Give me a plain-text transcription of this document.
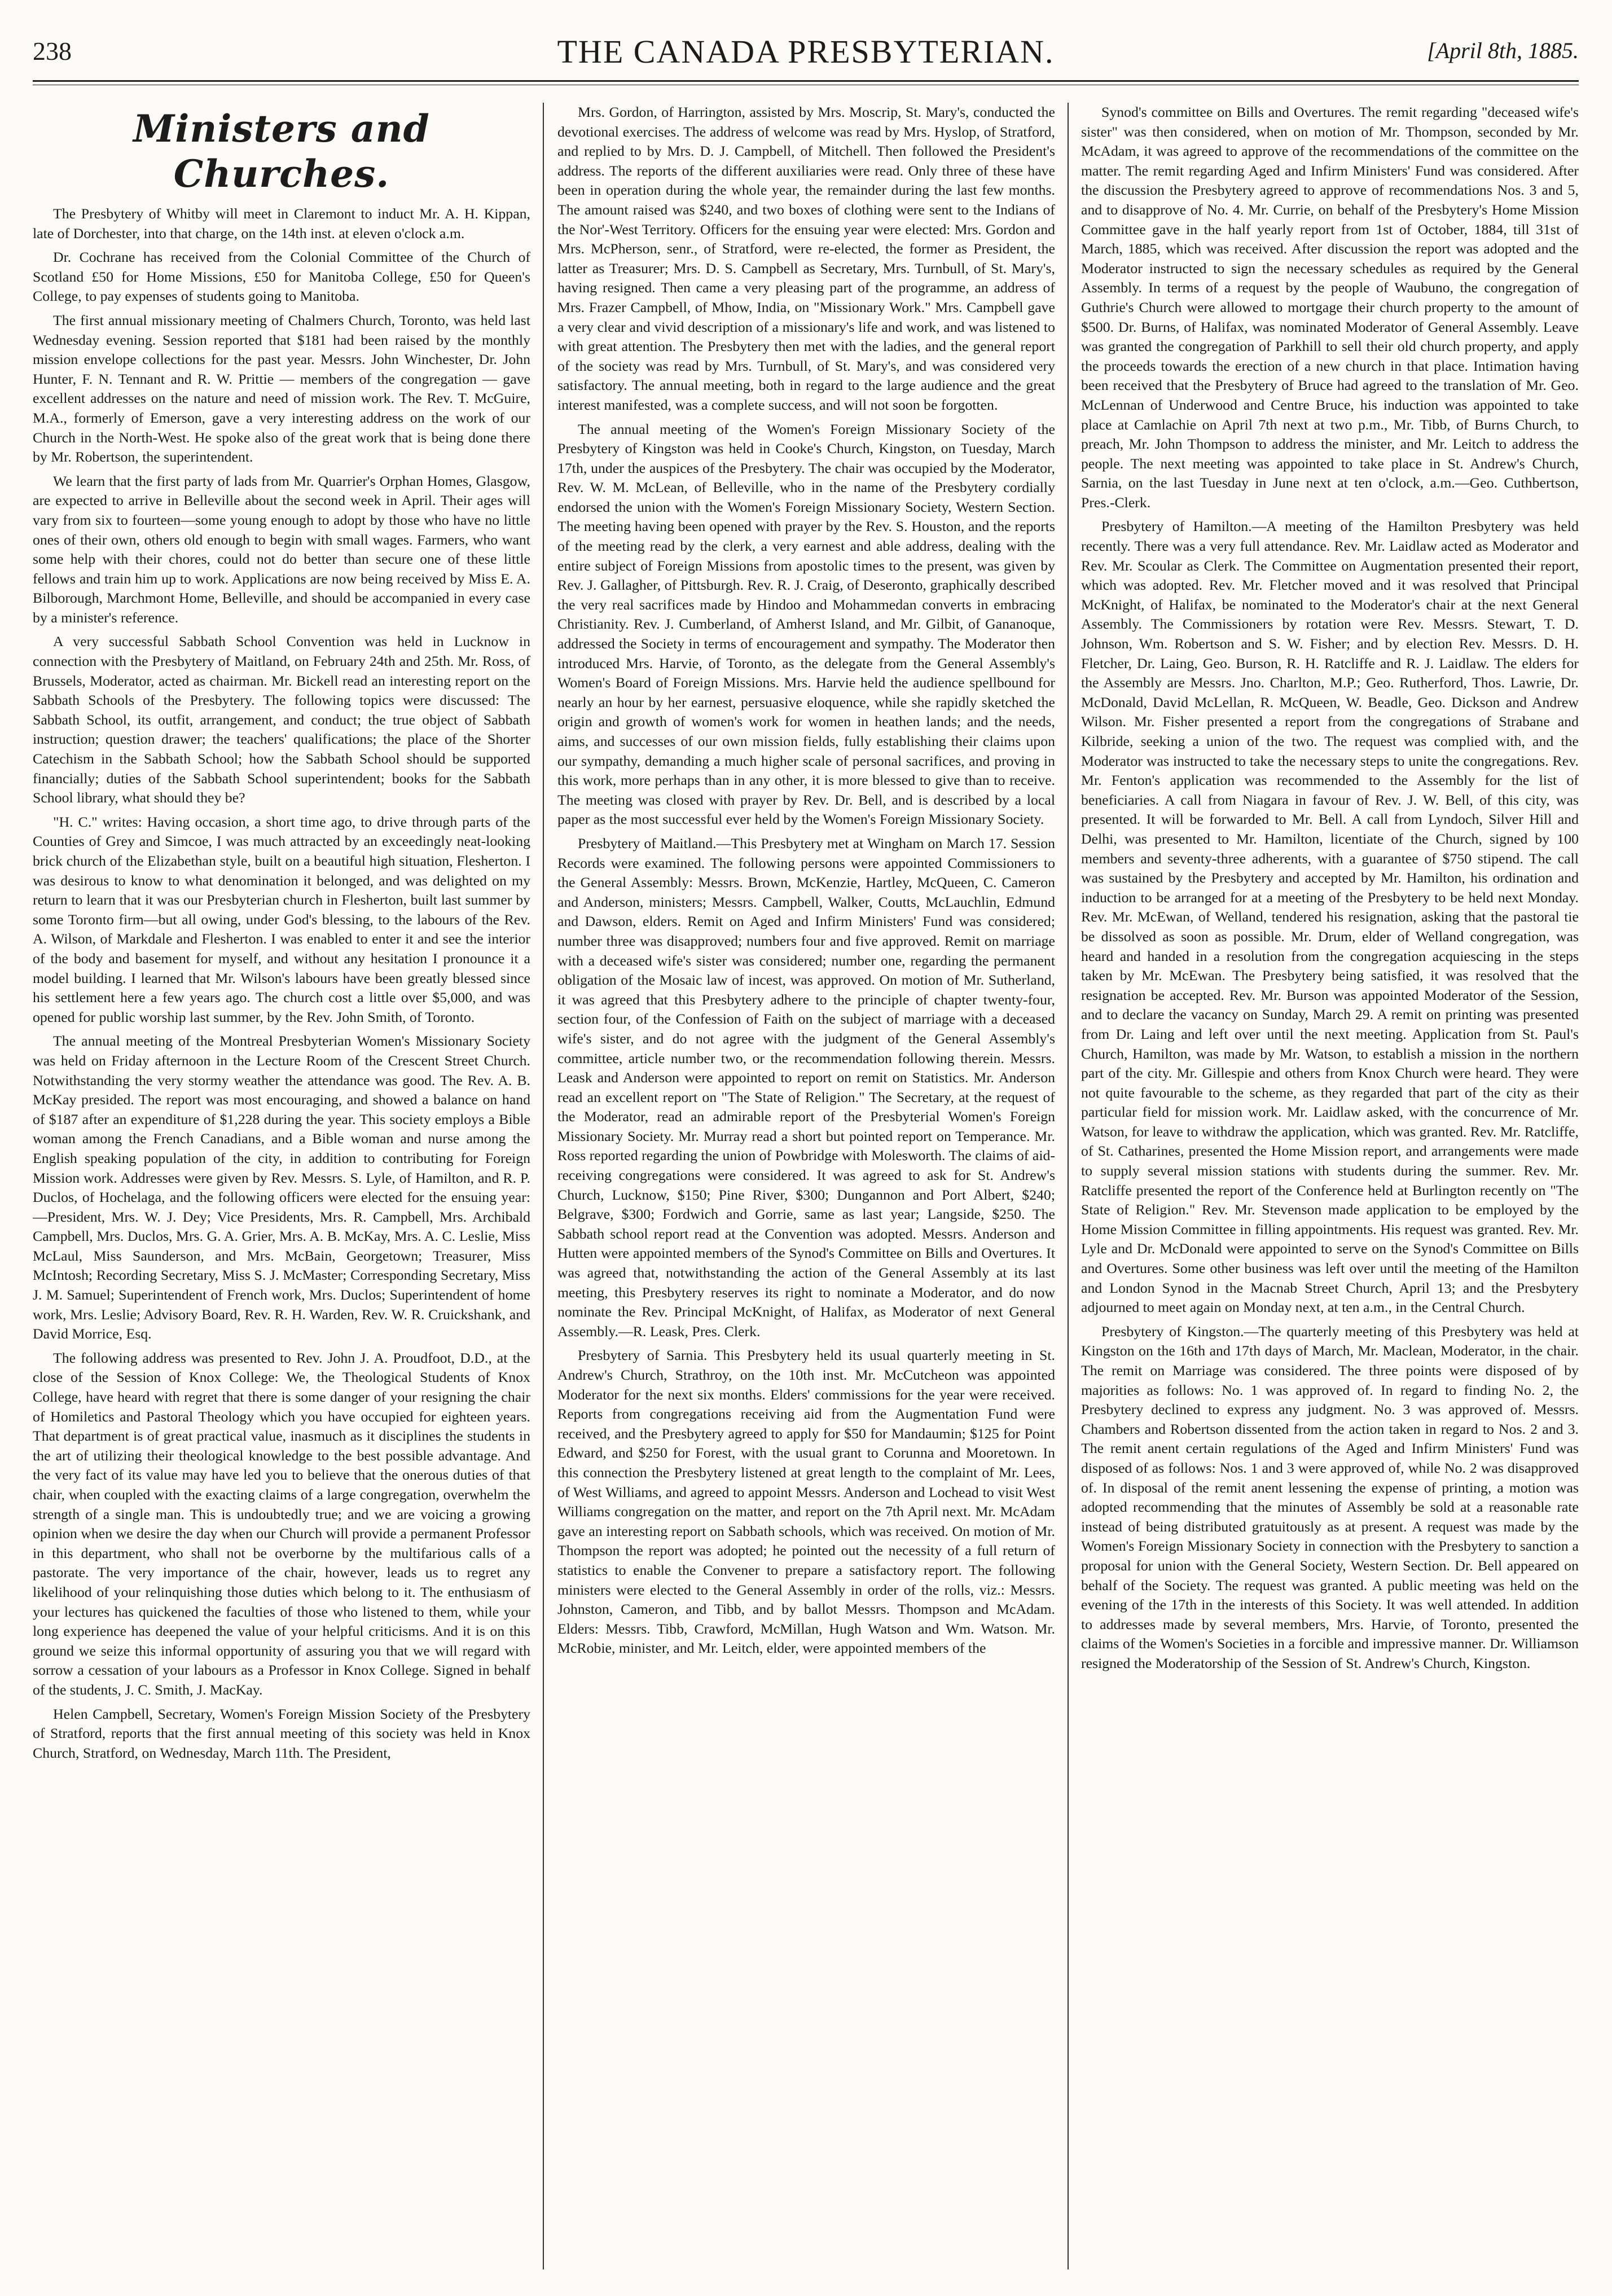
238	THE CANADA PRESBYTERIAN.	[April 8th, 1885.
Ministers and Churches.

The Presbytery of Whitby will meet in Claremont to induct Mr. A. H. Kippan, late of Dorchester, into that charge, on the 14th inst. at eleven o'clock a.m.

Dr. Cochrane has received from the Colonial Committee of the Church of Scotland £50 for Home Missions, £50 for Manitoba College, £50 for Queen's College, to pay expenses of students going to Manitoba.

The first annual missionary meeting of Chalmers Church, Toronto, was held last Wednesday evening. Session reported that $181 had been raised by the monthly mission envelope collections for the past year. Messrs. John Winchester, Dr. John Hunter, F. N. Tennant and R. W. Prittie — members of the congregation — gave excellent addresses on the nature and need of mission work. The Rev. T. McGuire, M.A., formerly of Emerson, gave a very interesting address on the work of our Church in the North-West. He spoke also of the great work that is being done there by Mr. Robertson, the superintendent.

We learn that the first party of lads from Mr. Quarrier's Orphan Homes, Glasgow, are expected to arrive in Belleville about the second week in April. Their ages will vary from six to fourteen—some young enough to adopt by those who have no little ones of their own, others old enough to begin with small wages. Farmers, who want some help with their chores, could not do better than secure one of these little fellows and train him up to work. Applications are now being received by Miss E. A. Bilborough, Marchmont Home, Belleville, and should be accompanied in every case by a minister's reference.

A very successful Sabbath School Convention was held in Lucknow in connection with the Presbytery of Maitland, on February 24th and 25th. Mr. Ross, of Brussels, Moderator, acted as chairman. Mr. Bickell read an interesting report on the Sabbath Schools of the Presbytery. The following topics were discussed: The Sabbath School, its outfit, arrangement, and conduct; the true object of Sabbath instruction; question drawer; the teachers' qualifications; the place of the Shorter Catechism in the Sabbath School; how the Sabbath School should be supported financially; duties of the Sabbath School superintendent; books for the Sabbath School library, what should they be?

"H. C." writes: Having occasion, a short time ago, to drive through parts of the Counties of Grey and Simcoe, I was much attracted by an exceedingly neat-looking brick church of the Elizabethan style, built on a beautiful high situation, Flesherton. I was desirous to know to what denomination it belonged, and was delighted on my return to learn that it was our Presbyterian church in Flesherton, built last summer by some Toronto firm—but all owing, under God's blessing, to the labours of the Rev. A. Wilson, of Markdale and Flesherton. I was enabled to enter it and see the interior of the body and basement for myself, and without any hesitation I pronounce it a model building. I learned that Mr. Wilson's labours have been greatly blessed since his settlement here a few years ago. The church cost a little over $5,000, and was opened for public worship last summer, by the Rev. John Smith, of Toronto.

The annual meeting of the Montreal Presbyterian Women's Missionary Society was held on Friday afternoon in the Lecture Room of the Crescent Street Church. Notwithstanding the very stormy weather the attendance was good. The Rev. A. B. McKay presided. The report was most encouraging, and showed a balance on hand of $187 after an expenditure of $1,228 during the year. This society employs a Bible woman among the French Canadians, and a Bible woman and nurse among the English speaking population of the city, in addition to contributing for Foreign Mission work. Addresses were given by Rev. Messrs. S. Lyle, of Hamilton, and R. P. Duclos, of Hochelaga, and the following officers were elected for the ensuing year:—President, Mrs. W. J. Dey; Vice Presidents, Mrs. R. Campbell, Mrs. Archibald Campbell, Mrs. Duclos, Mrs. G. A. Grier, Mrs. A. B. McKay, Mrs. A. C. Leslie, Miss McLaul, Miss Saunderson, and Mrs. McBain, Georgetown; Treasurer, Miss McIntosh; Recording Secretary, Miss S. J. McMaster; Corresponding Secretary, Miss J. M. Samuel; Superintendent of French work, Mrs. Duclos; Superintendent of home work, Mrs. Leslie; Advisory Board, Rev. R. H. Warden, Rev. W. R. Cruickshank, and David Morrice, Esq.

The following address was presented to Rev. John J. A. Proudfoot, D.D., at the close of the Session of Knox College: We, the Theological Students of Knox College, have heard with regret that there is some danger of your resigning the chair of Homiletics and Pastoral Theology which you have occupied for eighteen years. That department is of great practical value, inasmuch as it disciplines the students in the art of utilizing their theological knowledge to the best possible advantage. And the very fact of its value may have led you to believe that the onerous duties of that chair, when coupled with the exacting claims of a large congregation, overwhelm the strength of a single man. This is undoubtedly true; and we are voicing a growing opinion when we desire the day when our Church will provide a permanent Professor in this department, who shall not be overborne by the multifarious calls of a pastorate. The very importance of the chair, however, leads us to regret any likelihood of your relinquishing those duties which belong to it. The enthusiasm of your lectures has quickened the faculties of those who listened to them, while your long experience has deepened the value of your helpful criticisms. And it is on this ground we seize this informal opportunity of assuring you that we will regard with sorrow a cessation of your labours as a Professor in Knox College. Signed in behalf of the students, J. C. Smith, J. MacKay.

Helen Campbell, Secretary, Women's Foreign Mission Society of the Presbytery of Stratford, reports that the first annual meeting of this society was held in Knox Church, Stratford, on Wednesday, March 11th. The President,

Mrs. Gordon, of Harrington, assisted by Mrs. Moscrip, St. Mary's, conducted the devotional exercises. The address of welcome was read by Mrs. Hyslop, of Stratford, and replied to by Mrs. D. J. Campbell, of Mitchell. Then followed the President's address. The reports of the different auxiliaries were read. Only three of these have been in operation during the whole year, the remainder during the last few months. The amount raised was $240, and two boxes of clothing were sent to the Indians of the Nor'-West Territory. Officers for the ensuing year were elected: Mrs. Gordon and Mrs. McPherson, senr., of Stratford, were re-elected, the former as President, the latter as Treasurer; Mrs. D. S. Campbell as Secretary, Mrs. Turnbull, of St. Mary's, having resigned. Then came a very pleasing part of the programme, an address of Mrs. Frazer Campbell, of Mhow, India, on "Missionary Work." Mrs. Campbell gave a very clear and vivid description of a missionary's life and work, and was listened to with great attention. The Presbytery then met with the ladies, and the general report of the society was read by Mrs. Turnbull, of St. Mary's, and was considered very satisfactory. The annual meeting, both in regard to the large audience and the great interest manifested, was a complete success, and will not soon be forgotten.

The annual meeting of the Women's Foreign Missionary Society of the Presbytery of Kingston was held in Cooke's Church, Kingston, on Tuesday, March 17th, under the auspices of the Presbytery. The chair was occupied by the Moderator, Rev. W. M. McLean, of Belleville, who in the name of the Presbytery cordially endorsed the union with the Women's Foreign Missionary Society, Western Section. The meeting having been opened with prayer by the Rev. S. Houston, and the reports of the meeting read by the clerk, a very earnest and able address, dealing with the entire subject of Foreign Missions from apostolic times to the present, was given by Rev. J. Gallagher, of Pittsburgh. Rev. R. J. Craig, of Deseronto, graphically described the very real sacrifices made by Hindoo and Mohammedan converts in embracing Christianity. Rev. J. Cumberland, of Amherst Island, and Mr. Gilbit, of Gananoque, addressed the Society in terms of encouragement and sympathy. The Moderator then introduced Mrs. Harvie, of Toronto, as the delegate from the General Assembly's Women's Board of Foreign Missions. Mrs. Harvie held the audience spellbound for nearly an hour by her earnest, persuasive eloquence, while she rapidly sketched the origin and growth of women's work for women in heathen lands; and the needs, aims, and successes of our own mission fields, fully establishing their claims upon our sympathy, demanding a much higher scale of personal sacrifices, and proving in this work, more perhaps than in any other, it is more blessed to give than to receive. The meeting was closed with prayer by Rev. Dr. Bell, and is described by a local paper as the most successful ever held by the Women's Foreign Missionary Society.

Presbytery of Maitland.—This Presbytery met at Wingham on March 17. Session Records were examined. The following persons were appointed Commissioners to the General Assembly: Messrs. Brown, McKenzie, Hartley, McQueen, C. Cameron and Anderson, ministers; Messrs. Campbell, Walker, Coutts, McLauchlin, Edmund and Dawson, elders. Remit on Aged and Infirm Ministers' Fund was considered; number three was disapproved; numbers four and five approved. Remit on marriage with a deceased wife's sister was considered; number one, regarding the permanent obligation of the Mosaic law of incest, was approved. On motion of Mr. Sutherland, it was agreed that this Presbytery adhere to the principle of chapter twenty-four, section four, of the Confession of Faith on the subject of marriage with a deceased wife's sister, and do not agree with the judgment of the General Assembly's committee, article number two, or the recommendation following therein. Messrs. Leask and Anderson were appointed to report on remit on Statistics. Mr. Anderson read an excellent report on "The State of Religion." The Secretary, at the request of the Moderator, read an admirable report of the Presbyterial Women's Foreign Missionary Society. Mr. Murray read a short but pointed report on Temperance. Mr. Ross reported regarding the union of Powbridge with Molesworth. The claims of aid-receiving congregations were considered. It was agreed to ask for St. Andrew's Church, Lucknow, $150; Pine River, $300; Dungannon and Port Albert, $240; Belgrave, $300; Fordwich and Gorrie, same as last year; Langside, $250. The Sabbath school report read at the Convention was adopted. Messrs. Anderson and Hutten were appointed members of the Synod's Committee on Bills and Overtures. It was agreed that, notwithstanding the action of the General Assembly at its last meeting, this Presbytery reserves its right to nominate a Moderator, and do now nominate the Rev. Principal McKnight, of Halifax, as Moderator of next General Assembly.—R. Leask, Pres. Clerk.

Presbytery of Sarnia. This Presbytery held its usual quarterly meeting in St. Andrew's Church, Strathroy, on the 10th inst. Mr. McCutcheon was appointed Moderator for the next six months. Elders' commissions for the year were received. Reports from congregations receiving aid from the Augmentation Fund were received, and the Presbytery agreed to apply for $50 for Mandaumin; $125 for Point Edward, and $250 for Forest, with the usual grant to Corunna and Mooretown. In this connection the Presbytery listened at great length to the complaint of Mr. Lees, of West Williams, and agreed to appoint Messrs. Anderson and Lochead to visit West Williams congregation on the matter, and report on the 7th April next. Mr. McAdam gave an interesting report on Sabbath schools, which was received. On motion of Mr. Thompson the report was adopted; he pointed out the necessity of a full return of statistics to enable the Convener to prepare a satisfactory report. The following ministers were elected to the General Assembly in order of the rolls, viz.: Messrs. Johnston, Cameron, and Tibb, and by ballot Messrs. Thompson and McAdam. Elders: Messrs. Tibb, Crawford, McMillan, Hugh Watson and Wm. Watson. Mr. McRobie, minister, and Mr. Leitch, elder, were appointed members of the

Synod's committee on Bills and Overtures. The remit regarding "deceased wife's sister" was then considered, when on motion of Mr. Thompson, seconded by Mr. McAdam, it was agreed to approve of the recommendations of the committee on the matter. The remit regarding Aged and Infirm Ministers' Fund was considered. After the discussion the Presbytery agreed to approve of recommendations Nos. 3 and 5, and to disapprove of No. 4. Mr. Currie, on behalf of the Presbytery's Home Mission Committee gave in the half yearly report from 1st of October, 1884, till 31st of March, 1885, which was received. After discussion the report was adopted and the Moderator instructed to sign the necessary schedules as required by the General Assembly. In terms of a request by the people of Waubuno, the congregation of Guthrie's Church were allowed to mortgage their church property to the amount of $500. Dr. Burns, of Halifax, was nominated Moderator of General Assembly. Leave was granted the congregation of Parkhill to sell their old church property, and apply the proceeds towards the erection of a new church in that place. Intimation having been received that the Presbytery of Bruce had agreed to the translation of Mr. Geo. McLennan of Underwood and Centre Bruce, his induction was appointed to take place at Camlachie on April 7th next at two p.m., Mr. Tibb, of Burns Church, to preach, Mr. John Thompson to address the minister, and Mr. Leitch to address the people. The next meeting was appointed to take place in St. Andrew's Church, Sarnia, on the last Tuesday in June next at ten o'clock, a.m.—Geo. Cuthbertson, Pres.-Clerk.

Presbytery of Hamilton.—A meeting of the Hamilton Presbytery was held recently. There was a very full attendance. Rev. Mr. Laidlaw acted as Moderator and Rev. Mr. Scoular as Clerk. The Committee on Augmentation presented their report, which was adopted. Rev. Mr. Fletcher moved and it was resolved that Principal McKnight, of Halifax, be nominated to the Moderator's chair at the next General Assembly. The Commissioners by rotation were Rev. Messrs. Stewart, T. D. Johnson, Wm. Robertson and S. W. Fisher; and by election Rev. Messrs. D. H. Fletcher, Dr. Laing, Geo. Burson, R. H. Ratcliffe and R. J. Laidlaw. The elders for the Assembly are Messrs. Jno. Charlton, M.P.; Geo. Rutherford, Thos. Lawrie, Dr. McDonald, David McLellan, R. McQueen, W. Beadle, Geo. Dickson and Andrew Wilson. Mr. Fisher presented a report from the congregations of Strabane and Kilbride, seeking a union of the two. The request was complied with, and the Moderator was instructed to take the necessary steps to unite the congregations. Rev. Mr. Fenton's application was recommended to the Assembly for the list of beneficiaries. A call from Niagara in favour of Rev. J. W. Bell, of this city, was presented. It will be forwarded to Mr. Bell. A call from Lyndoch, Silver Hill and Delhi, was presented to Mr. Hamilton, licentiate of the Church, signed by 100 members and seventy-three adherents, with a guarantee of $750 stipend. The call was sustained by the Presbytery and accepted by Mr. Hamilton, his ordination and induction to be arranged for at a meeting of the Presbytery to be held next Monday. Rev. Mr. McEwan, of Welland, tendered his resignation, asking that the pastoral tie be dissolved as soon as possible. Mr. Drum, elder of Welland congregation, was heard and handed in a resolution from the congregation acquiescing in the steps taken by Mr. McEwan. The Presbytery being satisfied, it was resolved that the resignation be accepted. Rev. Mr. Burson was appointed Moderator of the Session, and to declare the vacancy on Sunday, March 29. A remit on printing was presented from Dr. Laing and left over until the next meeting. Application from St. Paul's Church, Hamilton, was made by Mr. Watson, to establish a mission in the northern part of the city. Mr. Gillespie and others from Knox Church were heard. They were not quite favourable to the scheme, as they regarded that part of the city as their particular field for mission work. Mr. Laidlaw asked, with the concurrence of Mr. Watson, for leave to withdraw the application, which was granted. Rev. Mr. Ratcliffe, of St. Catharines, presented the Home Mission report, and arrangements were made to supply several mission stations with students during the summer. Rev. Mr. Ratcliffe presented the report of the Conference held at Burlington recently on "The State of Religion." Rev. Mr. Stevenson made application to be employed by the Home Mission Committee in filling appointments. His request was granted. Rev. Mr. Lyle and Dr. McDonald were appointed to serve on the Synod's Committee on Bills and Overtures. Some other business was left over until the meeting of the Hamilton and London Synod in the Macnab Street Church, April 13; and the Presbytery adjourned to meet again on Monday next, at ten a.m., in the Central Church.

Presbytery of Kingston.—The quarterly meeting of this Presbytery was held at Kingston on the 16th and 17th days of March, Mr. Maclean, Moderator, in the chair. The remit on Marriage was considered. The three points were disposed of by majorities as follows: No. 1 was approved of. In regard to finding No. 2, the Presbytery declined to express any judgment. No. 3 was approved of. Messrs. Chambers and Robertson dissented from the action taken in regard to Nos. 2 and 3. The remit anent certain regulations of the Aged and Infirm Ministers' Fund was disposed of as follows: Nos. 1 and 3 were approved of, while No. 2 was disapproved of. In disposal of the remit anent lessening the expense of printing, a motion was adopted recommending that the minutes of Assembly be sold at a reasonable rate instead of being distributed gratuitously as at present. A request was made by the Women's Foreign Missionary Society in connection with the Presbytery to sanction a proposal for union with the General Society, Western Section. Dr. Bell appeared on behalf of the Society. The request was granted. A public meeting was held on the evening of the 17th in the interests of this Society. It was well attended. In addition to addresses made by several members, Mrs. Harvie, of Toronto, presented the claims of the Women's Societies in a forcible and impressive manner. Dr. Williamson resigned the Moderatorship of the Session of St. Andrew's Church, Kingston.
